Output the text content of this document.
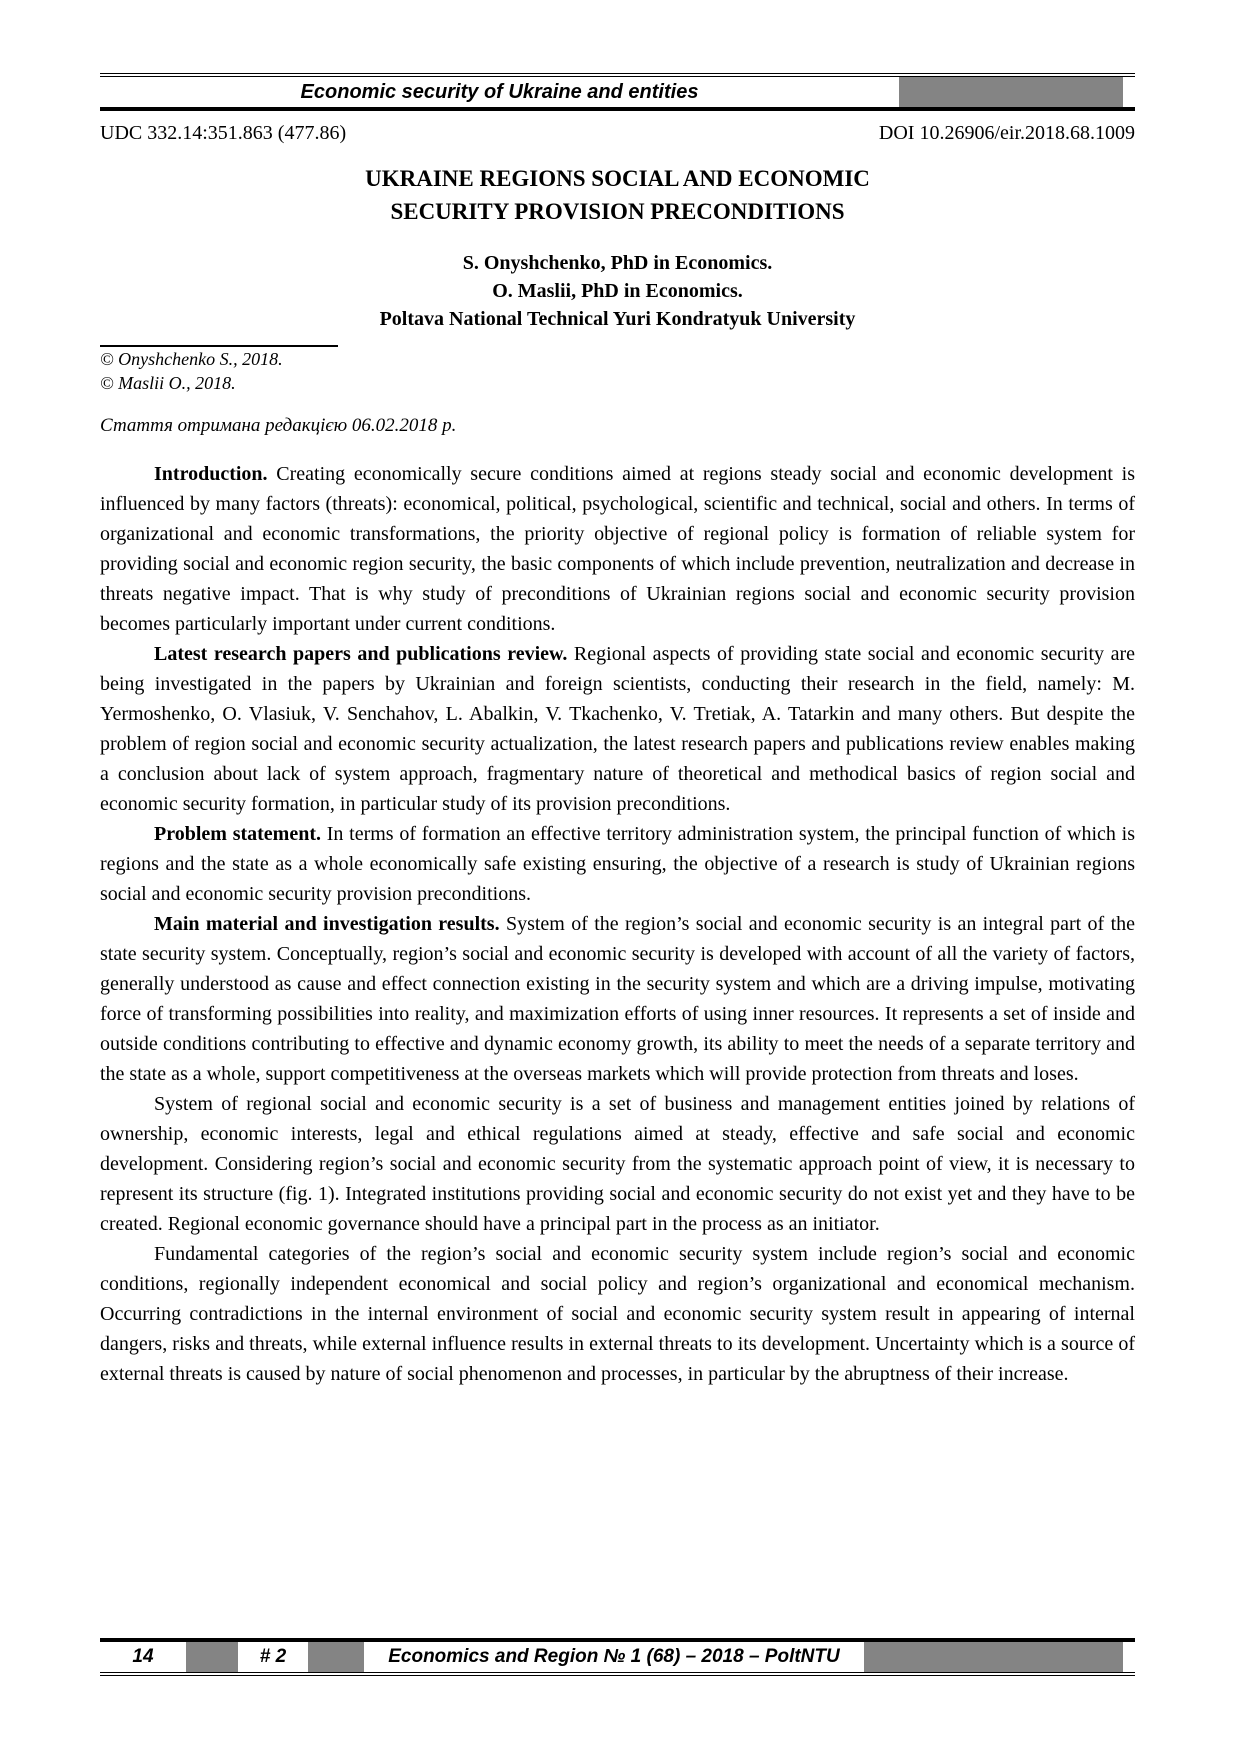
Economic security of Ukraine and entities
UDC 332.14:351.863 (477.86)	DOI 10.26906/eir.2018.68.1009
UKRAINE REGIONS SOCIAL AND ECONOMIC
SECURITY PROVISION PRECONDITIONS
S. Onyshchenko, PhD in Economics.
O. Maslii, PhD in Economics.
Poltava National Technical Yuri Kondratyuk University
© Onyshchenko S., 2018.
© Maslii O., 2018.
Стаття отримана редакцією 06.02.2018 р.

Introduction. Creating economically secure conditions aimed at regions steady social and economic development is influenced by many factors (threats): economical, political, psychological, scientific and technical, social and others. In terms of organizational and economic transformations, the priority objective of regional policy is formation of reliable system for providing social and economic region security, the basic components of which include prevention, neutralization and decrease in threats negative impact. That is why study of preconditions of Ukrainian regions social and economic security provision becomes particularly important under current conditions.

Latest research papers and publications review. Regional aspects of providing state social and economic security are being investigated in the papers by Ukrainian and foreign scientists, conducting their research in the field, namely: M. Yermoshenko, O. Vlasiuk, V. Senchahov, L. Abalkin, V. Tkachenko, V. Tretiak, A. Tatarkin and many others. But despite the problem of region social and economic security actualization, the latest research papers and publications review enables making a conclusion about lack of system approach, fragmentary nature of theoretical and methodical basics of region social and economic security formation, in particular study of its provision preconditions.

Problem statement. In terms of formation an effective territory administration system, the principal function of which is regions and the state as a whole economically safe existing ensuring, the objective of a research is study of Ukrainian regions social and economic security provision preconditions.

Main material and investigation results. System of the region’s social and economic security is an integral part of the state security system. Conceptually, region’s social and economic security is developed with account of all the variety of factors, generally understood as cause and effect connection existing in the security system and which are a driving impulse, motivating force of transforming possibilities into reality, and maximization efforts of using inner resources. It represents a set of inside and outside conditions contributing to effective and dynamic economy growth, its ability to meet the needs of a separate territory and the state as a whole, support competitiveness at the overseas markets which will provide protection from threats and loses.

System of regional social and economic security is a set of business and management entities joined by relations of ownership, economic interests, legal and ethical regulations aimed at steady, effective and safe social and economic development. Considering region’s social and economic security from the systematic approach point of view, it is necessary to represent its structure (fig. 1). Integrated institutions providing social and economic security do not exist yet and they have to be created. Regional economic governance should have a principal part in the process as an initiator.

Fundamental categories of the region’s social and economic security system include region’s social and economic conditions, regionally independent economical and social policy and region’s organizational and economical mechanism. Occurring contradictions in the internal environment of social and economic security system result in appearing of internal dangers, risks and threats, while external influence results in external threats to its development. Uncertainty which is a source of external threats is caused by nature of social phenomenon and processes, in particular by the abruptness of their increase.

14	# 2	Economics and Region № 1 (68) – 2018 – PoltNTU
